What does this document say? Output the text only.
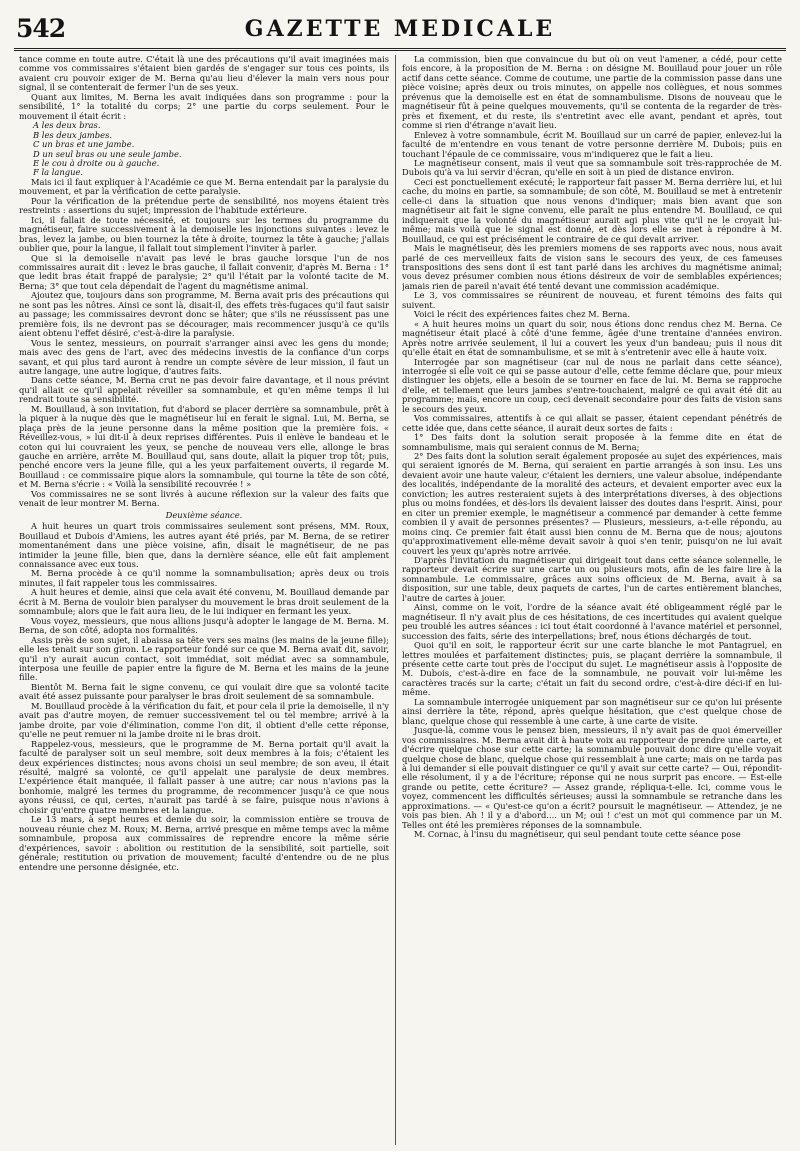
542	GAZETTE MEDICALE

tance comme en toute autre. C'était là une des précautions qu'il avait imaginées mais comme vos commissaires s'étaient bien gardés de s'engager sur tous ces points, ils avaient cru pouvoir exiger de M. Berna qu'au lieu d'élever la main vers nous pour signal, il se contenterait de fermer l'un de ses yeux.

Quant aux limites, M. Berna les avait indiquées dans son programme : pour la sensibilité, 1° la totalité du corps; 2° une partie du corps seulement. Pour le mouvement il était écrit :

A les deux bras.
B les deux jambes.
C un bras et une jambe.
D un seul bras ou une seule jambe.
E le cou à droite ou à gauche.
F la langue.

Mais ici il faut expliquer à l'Académie ce que M. Berna entendait par la paralysie du mouvement, et par la vérification de cette paralysie.

Pour la vérification de la prétendue perte de sensibilité, nos moyens étaient très restreints : assertions du sujet; impression de l'habitude extérieure.

Ici, il fallait de toute nécessité, et toujours sur les termes du programme du magnétiseur, faire successivement à la demoiselle les injonctions suivantes : levez le bras, levez la jambe, ou bien tournez la tête à droite, tournez la tête à gauche; j'allais oublier que, pour la langue, il fallait tout simplement l'inviter à parler.

Que si la demoiselle n'avait pas levé le bras gauche lorsque l'un de nos commissaires aurait dit : levez le bras gauche, il fallait convenir, d'après M. Berna : 1° que ledit bras était frappé de paralysie; 2° qu'il l'était par la volonté tacite de M. Berna; 3° que tout cela dépendait de l'agent du magnétisme animal.

Ajoutez que, toujours dans son programme, M. Berna avait pris des précautions qui ne sont pas les nôtres. Ainsi ce sont là, disait-il, des effets très-fugaces qu'il faut saisir au passage; les commissaires devront donc se hâter; que s'ils ne réussissent pas une première fois, ils ne devront pas se décourager, mais recommencer jusqu'à ce qu'ils aient obtenu l'effet désiré, c'est-à-dire la paralysie.

Vous le sentez, messieurs, on pourrait s'arranger ainsi avec les gens du monde; mais avec des gens de l'art, avec des médecins investis de la confiance d'un corps savant, et qui plus tard auront à rendre un compte sévère de leur mission, il faut un autre langage, une autre logique, d'autres faits.

Dans cette séance, M. Berna crut ne pas devoir faire davantage, et il nous prévint qu'il allait ce qu'il appelait réveiller sa somnambule, et qu'en même temps il lui rendrait toute sa sensibilité.

M. Bouillaud, à son invitation, fut d'abord se placer derrière sa somnambule, prêt à la piquer à la nuque dès que le magnétiseur lui en ferait le signal. Lui, M. Berna, se plaça près de la jeune personne dans la même position que la première fois. « Réveillez-vous, » lui dit-il à deux reprises différentes. Puis il enlève le bandeau et le coton qui lui couvraient les yeux, se penche de nouveau vers elle, allonge le bras gauche en arrière, arrête M. Bouillaud qui, sans doute, allait la piquer trop tôt; puis, penché encore vers la jeune fille, qui a les yeux parfaitement ouverts, il regarde M. Bouillaud : ce commissaire pique alors la somnambule, qui tourne la tête de son côté, et M. Berna s'écrie : « Voilà la sensibilité recouvrée ! »

Vos commissaires ne se sont livrés à aucune réflexion sur la valeur des faits que venait de leur montrer M. Berna.

Deuxième séance.

A huit heures un quart trois commissaires seulement sont présens, MM. Roux, Bouillaud et Dubois d'Amiens, les autres ayant été priés, par M. Berna, de se retirer momentanément dans une pièce voisine, afin, disait le magnétiseur, de ne pas intimider la jeune fille, bien que, dans la dernière séance, elle eût fait amplement connaissance avec eux tous.

M. Berna procède à ce qu'il nomme la somnambulisation; après deux ou trois minutes, il fait rappeler tous les commissaires.

A huit heures et demie, ainsi que cela avait été convenu, M. Bouillaud demande par écrit à M. Berna de vouloir bien paralyser du mouvement le bras droit seulement de la somnambule; alors que le fait aura lieu, de le lui indiquer en fermant les yeux.

Vous voyez, messieurs, que nous allions jusqu'à adopter le langage de M. Berna. M. Berna, de son côté, adopta nos formalités.

Assis près de son sujet, il abaissa sa tête vers ses mains (les mains de la jeune fille); elle les tenait sur son giron. Le rapporteur fondé sur ce que M. Berna avait dit, savoir, qu'il n'y aurait aucun contact, soit immédiat, soit médiat avec sa somnambule, interposa une feuille de papier entre la figure de M. Berna et les mains de la jeune fille.

Bientôt M. Berna fait le signe convenu, ce qui voulait dire que sa volonté tacite avait été assez puissante pour paralyser le bras droit seulement de sa somnambule.

M. Bouillaud procède à la vérification du fait, et pour cela il prie la demoiselle, il n'y avait pas d'autre moyen, de remuer successivement tel ou tel membre; arrivé à la jambe droite, par voie d'élimination, comme l'on dit, il obtient d'elle cette réponse, qu'elle ne peut remuer ni la jambe droite ni le bras droit.

Rappelez-vous, messieurs, que le programme de M. Berna portait qu'il avait la faculté de paralyser soit un seul membre, soit deux membres à la fois; c'étaient les deux expériences distinctes; nous avons choisi un seul membre; de son aveu, il était résulté, malgré sa volonté, ce qu'il appelait une paralysie de deux membres. L'expérience était manquée, il fallait passer à une autre; car nous n'avions pas la bonhomie, malgré les termes du programme, de recommencer jusqu'à ce que nous ayons réussi, ce qui, certes, n'aurait pas tardé à se faire, puisque nous n'avions à choisir qu'entre quatre membres et la langue.

Le 13 mars, à sept heures et demie du soir, la commission entière se trouva de nouveau réunie chez M. Roux; M. Berna, arrivé presque en même temps avec la même somnambule, proposa aux commissaires de reprendre encore la même série d'expériences, savoir : abolition ou restitution de la sensibilité, soit partielle, soit générale; restitution ou privation de mouvement; faculté d'entendre ou de ne plus entendre une personne désignée, etc.

La commission, bien que convaincue du but où on veut l'amener, a cédé, pour cette fois encore, à la proposition de M. Berna : on désigne M. Bouillaud pour jouer un rôle actif dans cette séance. Comme de coutume, une partie de la commission passe dans une pièce voisine; après deux ou trois minutes, on appelle nos collègues, et nous sommes prévenus que la demoiselle est en état de somnambulisme. Disons de nouveau que le magnétiseur fût à peine quelques mouvements, qu'il se contenta de la regarder de très-près et fixement, et du reste, ils s'entretint avec elle avant, pendant et après, tout comme si rien d'étrange n'avait lieu.

Enlevez à votre somnambule, écrit M. Bouillaud sur un carré de papier, enlevez-lui la faculté de m'entendre en vous tenant de votre personne derrière M. Dubois; puis en touchant l'épaule de ce commissaire, vous m'indiquerez que le fait a lieu.

Le magnétiseur consent, mais il veut que sa somnambule soit très-rapprochée de M. Dubois qu'à va lui servir d'écran, qu'elle en soit à un pied de distance environ.

Ceci est ponctuellement exécuté; le rapporteur fait passer M. Berna derrière lui, et lui cache, du moins en partie, sa somnambule; de son côté, M. Bouillaud se met à entretenir celle-ci dans la situation que nous venons d'indiquer; mais bien avant que son magnétiseur ait fait le signe convenu, elle paraît ne plus entendre M. Bouillaud, ce qui indiquerait que la volonté du magnétiseur aurait agi plus vite qu'il ne le croyait lui-même; mais voilà que le signal est donné, et dès lors elle se met à répondre à M. Bouillaud, ce qui est précisément le contraire de ce qui devait arriver.

Mais le magnétiseur, dès les premiers momens de ses rapports avec nous, nous avait parlé de ces merveilleux faits de vision sans le secours des yeux, de ces fameuses transpositions des sens dont il est tant parlé dans les archives du magnétisme animal; vous devez présumer combien nous étions désireux de voir de semblables expériences; jamais rien de pareil n'avait été tenté devant une commission académique.

Le 3, vos commissaires se réunirent de nouveau, et furent témoins des faits qui suivent.

Voici le récit des expériences faites chez M. Berna.

« A huit heures moins un quart du soir, nous étions donc rendus chez M. Berna. Ce magnétiseur était placé à côté d'une femme, âgée d'une trentaine d'années environ. Après notre arrivée seulement, il lui a couvert les yeux d'un bandeau; puis il nous dit qu'elle était en état de somnambulisme, et se mit à s'entretenir avec elle à haute voix.

Interrogée par son magnétiseur (car nul de nous ne parlait dans cette séance), interrogée si elle voit ce qui se passe autour d'elle, cette femme déclare que, pour mieux distinguer les objets, elle a besoin de se tourner en face de lui. M. Berna se rapproche d'elle, et tellement que leurs jambes s'entre-touchaient, malgré ce qui avait été dit au programme; mais, encore un coup, ceci devenait secondaire pour des faits de vision sans le secours des yeux.

Vos commissaires, attentifs à ce qui allait se passer, étaient cependant pénétrés de cette idée que, dans cette séance, il aurait deux sortes de faits :

1° Des faits dont la solution serait proposée à la femme dite en état de somnambulisme, mais qui seraient connus de M. Berna;

2° Des faits dont la solution serait également proposée au sujet des expériences, mais qui seraient ignorés de M. Berna, qui seraient en partie arrangés à son insu. Les uns devaient avoir une haute valeur, c'étaient les derniers, une valeur absolue, indépendante des localités, indépendante de la moralité des acteurs, et devaient emporter avec eux la conviction; les autres resteraient sujets à des interprétations diverses, à des objections plus ou moins fondées, et dès-lors ils devaient laisser des doutes dans l'esprit. Ainsi, pour en citer un premier exemple, le magnétiseur a commencé par demander à cette femme combien il y avait de personnes présentes? — Plusieurs, messieurs, a-t-elle répondu, au moins cinq. Ce premier fait était aussi bien connu de M. Berna que de nous; ajoutons qu'approximativement elle-même devait savoir à quoi s'en tenir, puisqu'on ne lui avait couvert les yeux qu'après notre arrivée.

D'après l'invitation du magnétiseur qui dirigeait tout dans cette séance solennelle, le rapporteur devait écrire sur une carte un ou plusieurs mots, afin de les faire lire à la somnambule. Le commissaire, grâces aux soins officieux de M. Berna, avait à sa disposition, sur une table, deux paquets de cartes, l'un de cartes entièrement blanches, l'autre de cartes à jouer.

Ainsi, comme on le voit, l'ordre de la séance avait été obligeamment réglé par le magnétiseur. Il n'y avait plus de ces hésitations, de ces incertitudes qui avaient quelque peu troublé les autres séances : ici tout était coordonné à l'avance matériel et personnel, succession des faits, série des interpellations; bref, nous étions déchargés de tout.

Quoi qu'il en soit, le rapporteur écrit sur une carte blanche le mot Pantagruel, en lettres moulées et parfaitement distinctes; puis, se plaçant derrière la somnambule, il présente cette carte tout près de l'occiput du sujet. Le magnétiseur assis à l'opposite de M. Dubois, c'est-à-dire en face de la somnambule, ne pouvait voir lui-même les caractères tracés sur la carte; c'était un fait du second ordre, c'est-à-dire déci-if en lui-même.

La somnambule interrogée uniquement par son magnétiseur sur ce qu'on lui présente ainsi derrière la tête, répond, après quelque hésitation, que c'est quelque chose de blanc, quelque chose qui ressemble à une carte, à une carte de visite.

Jusque-là, comme vous le pensez bien, messieurs, il n'y avait pas de quoi émerveiller vos commissaires. M. Berna avait dit à haute voix au rapporteur de prendre une carte, et d'écrire quelque chose sur cette carte; la somnambule pouvait donc dire qu'elle voyait quelque chose de blanc, quelque chose qui ressemblait à une carte; mais on ne tarda pas à lui demander si elle pouvait distinguer ce qu'il y avait sur cette carte? — Oui, répondit-elle résolument, il y a de l'écriture; réponse qui ne nous surprit pas encore. — Est-elle grande ou petite, cette écriture? — Assez grande, répliqua-t-elle. Ici, comme vous le voyez, commencent les difficultés sérieuses; aussi la somnambule se retranche dans les approximations. — « Qu'est-ce qu'on a écrit? poursuit le magnétiseur. — Attendez, je ne vois pas bien. Ah ! il y a d'abord.... un M; oui ! c'est un mot qui commence par un M. Telles ont été les premières réponses de la somnambule.

M. Cornac, à l'insu du magnétiseur, qui seul pendant toute cette séance pose
